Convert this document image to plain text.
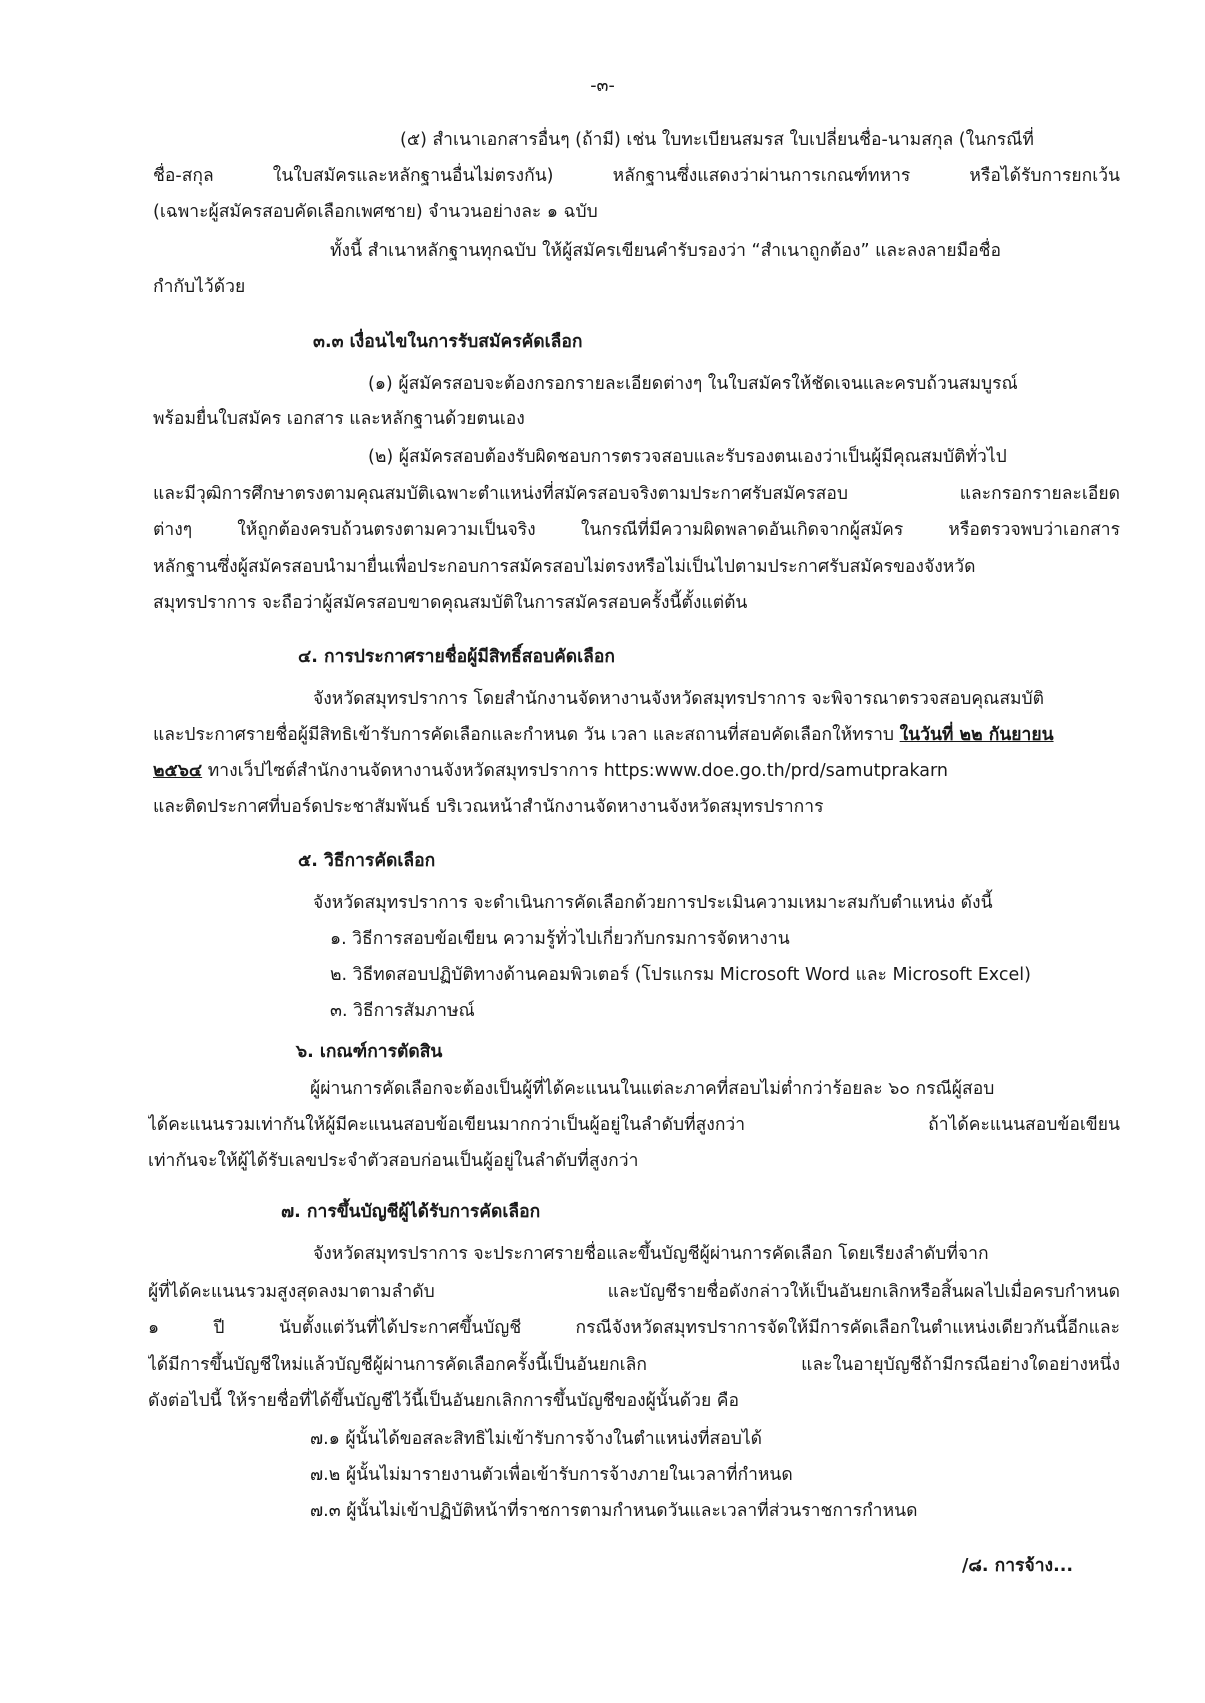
-๓-
(๕) สำเนาเอกสารอื่นๆ (ถ้ามี) เช่น ใบทะเบียนสมรส ใบเปลี่ยนชื่อ-นามสกุล (ในกรณีที่
ชื่อ-สกุล ในใบสมัครและหลักฐานอื่นไม่ตรงกัน) หลักฐานซึ่งแสดงว่าผ่านการเกณฑ์ทหาร หรือได้รับการยกเว้น
(เฉพาะผู้สมัครสอบคัดเลือกเพศชาย) จำนวนอย่างละ ๑ ฉบับ
ทั้งนี้ สำเนาหลักฐานทุกฉบับ ให้ผู้สมัครเขียนคำรับรองว่า “สำเนาถูกต้อง” และลงลายมือชื่อ
กำกับไว้ด้วย
๓.๓ เงื่อนไขในการรับสมัครคัดเลือก
(๑) ผู้สมัครสอบจะต้องกรอกรายละเอียดต่างๆ ในใบสมัครให้ชัดเจนและครบถ้วนสมบูรณ์
พร้อมยื่นใบสมัคร เอกสาร และหลักฐานด้วยตนเอง
(๒) ผู้สมัครสอบต้องรับผิดชอบการตรวจสอบและรับรองตนเองว่าเป็นผู้มีคุณสมบัติทั่วไป
และมีวุฒิการศึกษาตรงตามคุณสมบัติเฉพาะตำแหน่งที่สมัครสอบจริงตามประกาศรับสมัครสอบ และกรอกรายละเอียด
ต่างๆ ให้ถูกต้องครบถ้วนตรงตามความเป็นจริง ในกรณีที่มีความผิดพลาดอันเกิดจากผู้สมัคร หรือตรวจพบว่าเอกสาร
หลักฐานซึ่งผู้สมัครสอบนำมายื่นเพื่อประกอบการสมัครสอบไม่ตรงหรือไม่เป็นไปตามประกาศรับสมัครของจังหวัด
สมุทรปราการ จะถือว่าผู้สมัครสอบขาดคุณสมบัติในการสมัครสอบครั้งนี้ตั้งแต่ต้น
๔. การประกาศรายชื่อผู้มีสิทธิ์สอบคัดเลือก
จังหวัดสมุทรปราการ โดยสำนักงานจัดหางานจังหวัดสมุทรปราการ จะพิจารณาตรวจสอบคุณสมบัติ
และประกาศรายชื่อผู้มีสิทธิเข้ารับการคัดเลือกและกำหนด วัน เวลา และสถานที่สอบคัดเลือกให้ทราบ ในวันที่ ๒๒ กันยายน
๒๕๖๔ ทางเว็ปไซต์สำนักงานจัดหางานจังหวัดสมุทรปราการ https:www.doe.go.th/prd/samutprakarn
และติดประกาศที่บอร์ดประชาสัมพันธ์ บริเวณหน้าสำนักงานจัดหางานจังหวัดสมุทรปราการ
๕. วิธีการคัดเลือก
จังหวัดสมุทรปราการ จะดำเนินการคัดเลือกด้วยการประเมินความเหมาะสมกับตำแหน่ง ดังนี้
๑. วิธีการสอบข้อเขียน ความรู้ทั่วไปเกี่ยวกับกรมการจัดหางาน
๒. วิธีทดสอบปฏิบัติทางด้านคอมพิวเตอร์ (โปรแกรม Microsoft Word และ Microsoft Excel)
๓. วิธีการสัมภาษณ์
๖. เกณฑ์การตัดสิน
ผู้ผ่านการคัดเลือกจะต้องเป็นผู้ที่ได้คะแนนในแต่ละภาคที่สอบไม่ต่ำกว่าร้อยละ ๖๐ กรณีผู้สอบ
ได้คะแนนรวมเท่ากันให้ผู้มีคะแนนสอบข้อเขียนมากกว่าเป็นผู้อยู่ในลำดับที่สูงกว่า ถ้าได้คะแนนสอบข้อเขียน
เท่ากันจะให้ผู้ได้รับเลขประจำตัวสอบก่อนเป็นผู้อยู่ในลำดับที่สูงกว่า
๗. การขึ้นบัญชีผู้ได้รับการคัดเลือก
จังหวัดสมุทรปราการ จะประกาศรายชื่อและขึ้นบัญชีผู้ผ่านการคัดเลือก โดยเรียงลำดับที่จาก
ผู้ที่ได้คะแนนรวมสูงสุดลงมาตามลำดับ และบัญชีรายชื่อดังกล่าวให้เป็นอันยกเลิกหรือสิ้นผลไปเมื่อครบกำหนด
๑ ปี นับตั้งแต่วันที่ได้ประกาศขึ้นบัญชี กรณีจังหวัดสมุทรปราการจัดให้มีการคัดเลือกในตำแหน่งเดียวกันนี้อีกและ
ได้มีการขึ้นบัญชีใหม่แล้วบัญชีผู้ผ่านการคัดเลือกครั้งนี้เป็นอันยกเลิก และในอายุบัญชีถ้ามีกรณีอย่างใดอย่างหนึ่ง
ดังต่อไปนี้ ให้รายชื่อที่ได้ขึ้นบัญชีไว้นี้เป็นอันยกเลิกการขึ้นบัญชีของผู้นั้นด้วย คือ
๗.๑ ผู้นั้นได้ขอสละสิทธิไม่เข้ารับการจ้างในตำแหน่งที่สอบได้
๗.๒ ผู้นั้นไม่มารายงานตัวเพื่อเข้ารับการจ้างภายในเวลาที่กำหนด
๗.๓ ผู้นั้นไม่เข้าปฏิบัติหน้าที่ราชการตามกำหนดวันและเวลาที่ส่วนราชการกำหนด
/๘. การจ้าง...
